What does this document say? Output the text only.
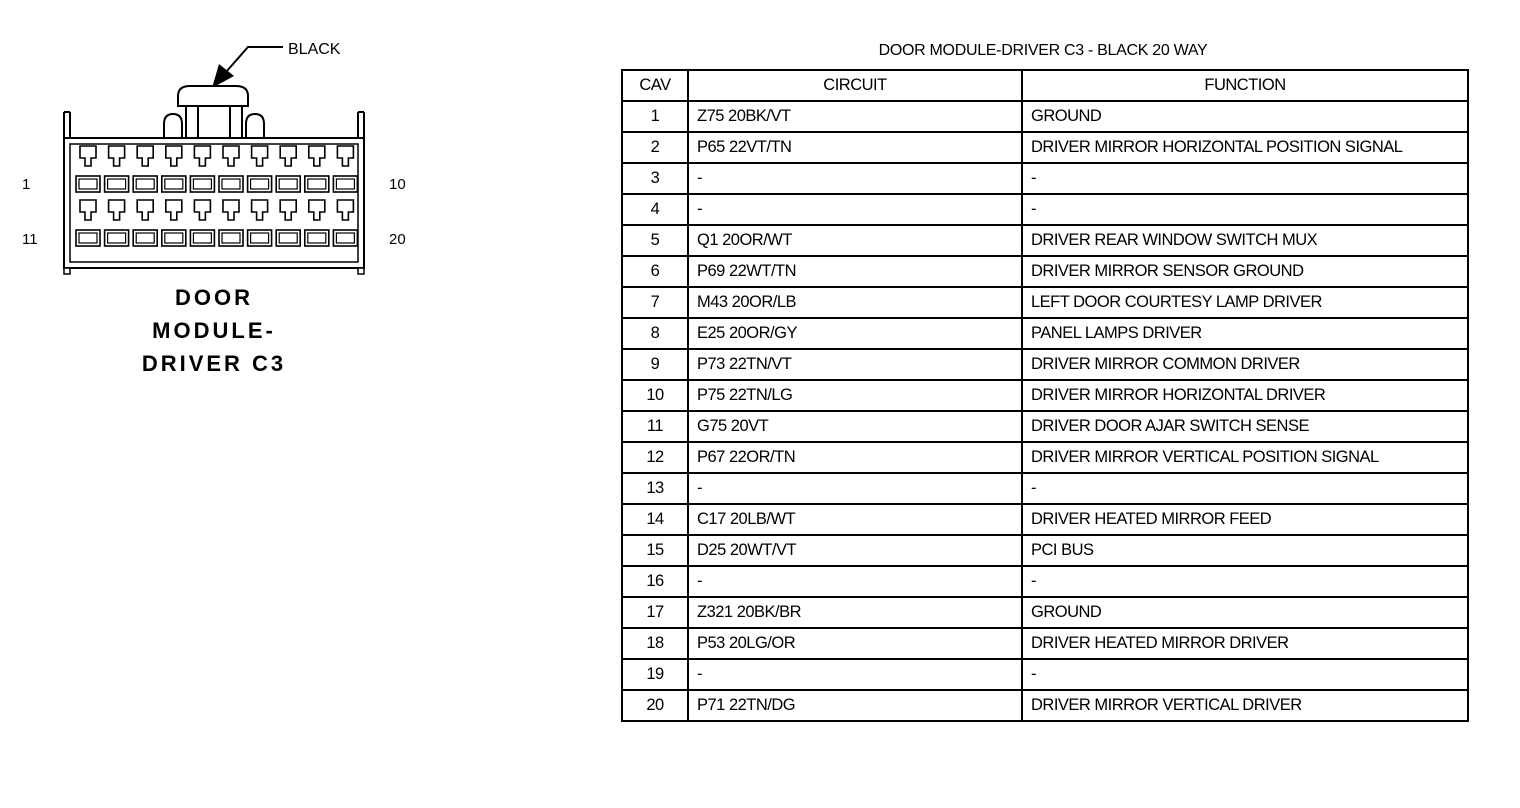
BLACK
1	10
11	20
DOOR
MODULE-
DRIVER C3
DOOR MODULE-DRIVER C3 - BLACK 20 WAY
CAV	CIRCUIT	FUNCTION
1	Z75 20BK/VT	GROUND
2	P65 22VT/TN	DRIVER MIRROR HORIZONTAL POSITION SIGNAL
3	-	-
4	-	-
5	Q1 20OR/WT	DRIVER REAR WINDOW SWITCH MUX
6	P69 22WT/TN	DRIVER MIRROR SENSOR GROUND
7	M43 20OR/LB	LEFT DOOR COURTESY LAMP DRIVER
8	E25 20OR/GY	PANEL LAMPS DRIVER
9	P73 22TN/VT	DRIVER MIRROR COMMON DRIVER
10	P75 22TN/LG	DRIVER MIRROR HORIZONTAL DRIVER
11	G75 20VT	DRIVER DOOR AJAR SWITCH SENSE
12	P67 22OR/TN	DRIVER MIRROR VERTICAL POSITION SIGNAL
13	-	-
14	C17 20LB/WT	DRIVER HEATED MIRROR FEED
15	D25 20WT/VT	PCI BUS
16	-	-
17	Z321 20BK/BR	GROUND
18	P53 20LG/OR	DRIVER HEATED MIRROR DRIVER
19	-	-
20	P71 22TN/DG	DRIVER MIRROR VERTICAL DRIVER
